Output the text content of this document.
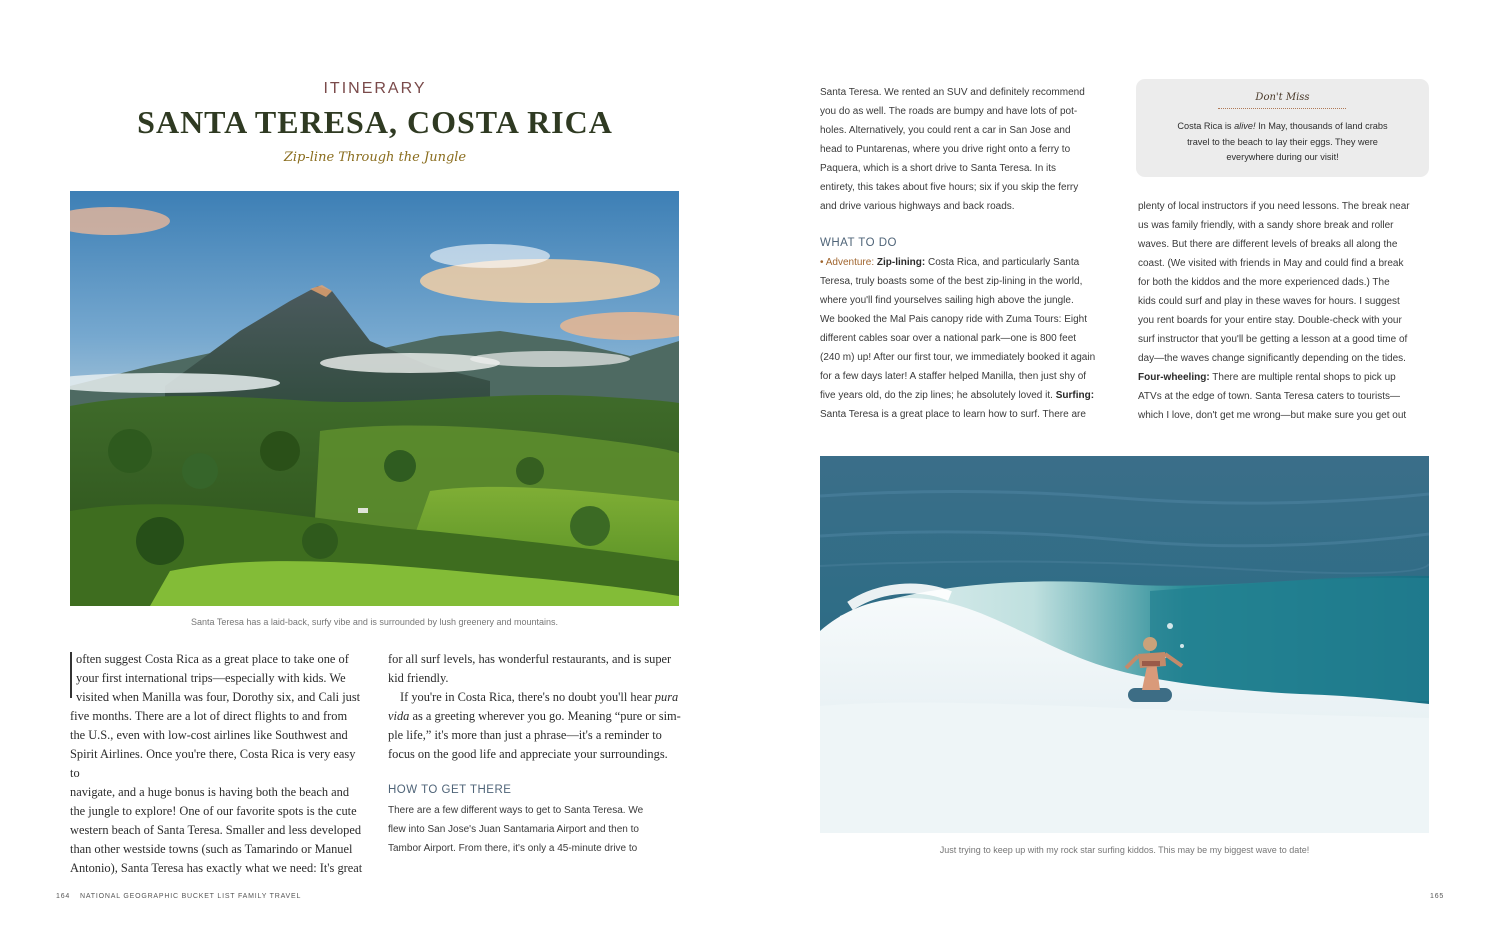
ITINERARY
SANTA TERESA, COSTA RICA
Zip-line Through the Jungle
Santa Teresa has a laid-back, surfy vibe and is surrounded by lush greenery and mountains.

often suggest Costa Rica as a great place to take one of

your first international trips—especially with kids. We

visited when Manilla was four, Dorothy six, and Cali just

five months. There are a lot of direct flights to and from

the U.S., even with low-cost airlines like Southwest and

Spirit Airlines. Once you're there, Costa Rica is very easy to

navigate, and a huge bonus is having both the beach and

the jungle to explore! One of our favorite spots is the cute

western beach of Santa Teresa. Smaller and less developed

than other westside towns (such as Tamarindo or Manuel

Antonio), Santa Teresa has exactly what we need: It's great

for all surf levels, has wonderful restaurants, and is super

kid friendly.

If you're in Costa Rica, there's no doubt you'll hear pura

vida as a greeting wherever you go. Meaning “pure or sim-

ple life,” it's more than just a phrase—it's a reminder to

focus on the good life and appreciate your surroundings.

HOW TO GET THERE

There are a few different ways to get to Santa Teresa. We

flew into San Jose's Juan Santamaria Airport and then to

Tambor Airport. From there, it's only a 45-minute drive to

164 NATIONAL GEOGRAPHIC BUCKET LIST FAMILY TRAVEL

Santa Teresa. We rented an SUV and definitely recommend

you do as well. The roads are bumpy and have lots of pot-

holes. Alternatively, you could rent a car in San Jose and

head to Puntarenas, where you drive right onto a ferry to

Paquera, which is a short drive to Santa Teresa. In its

entirety, this takes about five hours; six if you skip the ferry

and drive various highways and back roads.

WHAT TO DO

• Adventure: Zip-lining: Costa Rica, and particularly Santa

Teresa, truly boasts some of the best zip-lining in the world,

where you'll find yourselves sailing high above the jungle.

We booked the Mal Pais canopy ride with Zuma Tours: Eight

different cables soar over a national park—one is 800 feet

(240 m) up! After our first tour, we immediately booked it again

for a few days later! A staffer helped Manilla, then just shy of

five years old, do the zip lines; he absolutely loved it. Surfing:

Santa Teresa is a great place to learn how to surf. There are

Don't Miss
Costa Rica is alive! In May, thousands of land crabs
travel to the beach to lay their eggs. They were
everywhere during our visit!

plenty of local instructors if you need lessons. The break near

us was family friendly, with a sandy shore break and roller

waves. But there are different levels of breaks all along the

coast. (We visited with friends in May and could find a break

for both the kiddos and the more experienced dads.) The

kids could surf and play in these waves for hours. I suggest

you rent boards for your entire stay. Double-check with your

surf instructor that you'll be getting a lesson at a good time of

day—the waves change significantly depending on the tides.

Four-wheeling: There are multiple rental shops to pick up

ATVs at the edge of town. Santa Teresa caters to tourists—

which I love, don't get me wrong—but make sure you get out

Just trying to keep up with my rock star surfing kiddos. This may be my biggest wave to date!
165
